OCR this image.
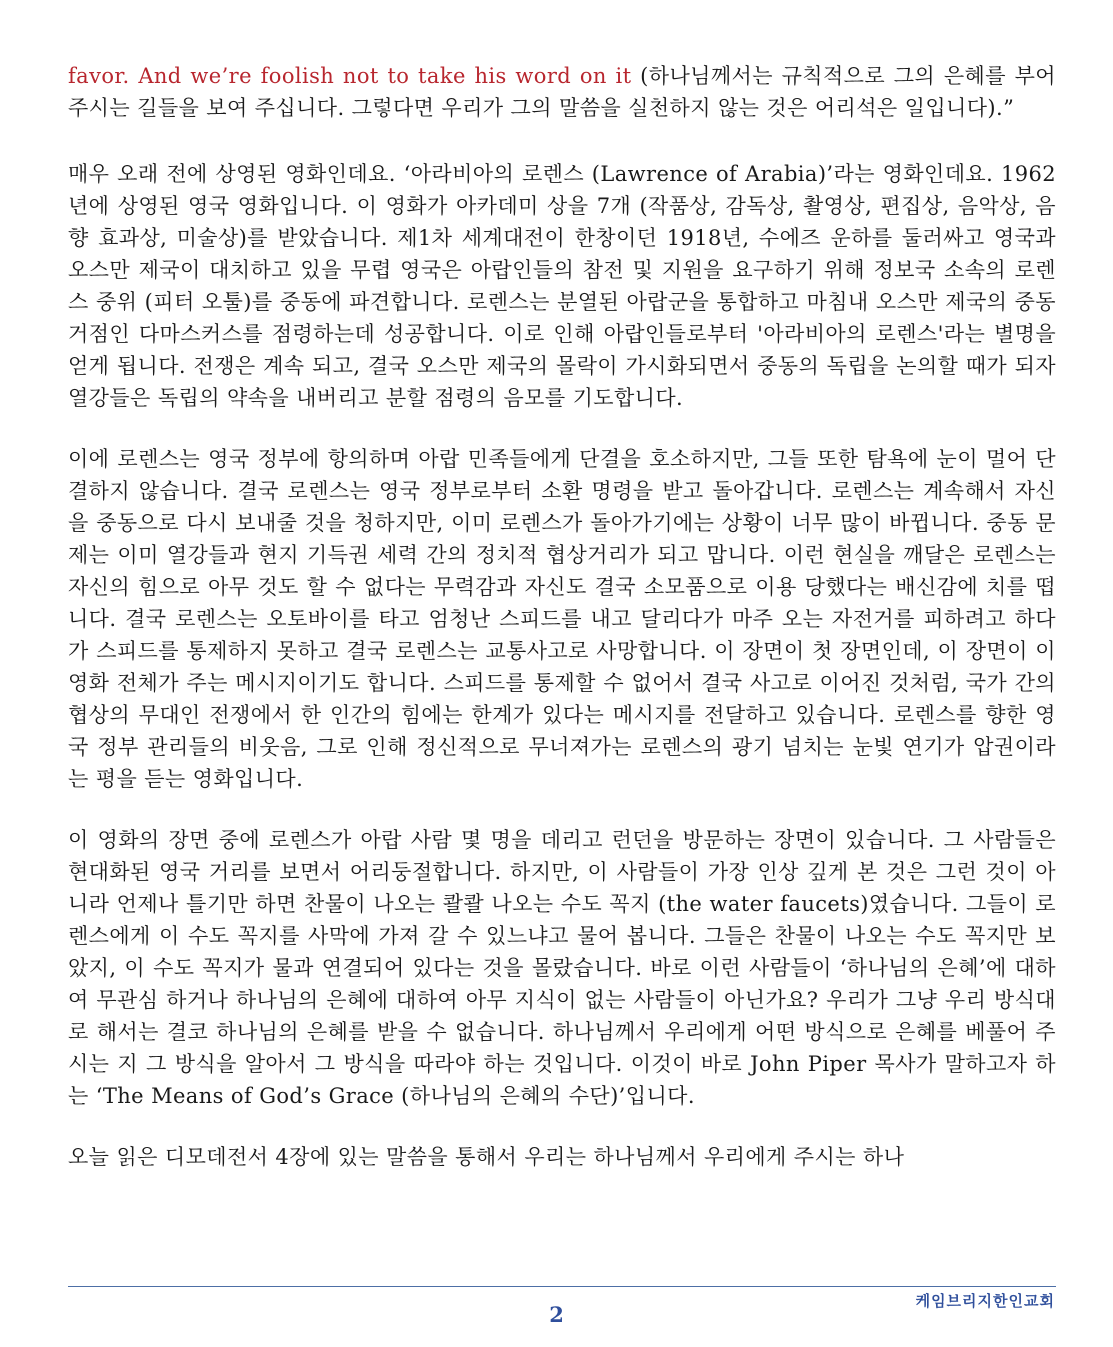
favor. And we’re foolish not to take his word on it (하나님께서는 규칙적으로 그의 은혜를 부어 주시는 길들을 보여 주십니다. 그렇다면 우리가 그의 말씀을 실천하지 않는 것은 어리석은 일입니다).”

매우 오래 전에 상영된 영화인데요. ‘아라비아의 로렌스 (Lawrence of Arabia)’라는 영화인데요. 1962년에 상영된 영국 영화입니다. 이 영화가 아카데미 상을 7개 (작품상, 감독상, 촬영상, 편집상, 음악상, 음향 효과상, 미술상)를 받았습니다. 제1차 세계대전이 한창이던 1918년, 수에즈 운하를 둘러싸고 영국과 오스만 제국이 대치하고 있을 무렵 영국은 아랍인들의 참전 및 지원을 요구하기 위해 정보국 소속의 로렌스 중위 (피터 오툴)를 중동에 파견합니다. 로렌스는 분열된 아랍군을 통합하고 마침내 오스만 제국의 중동 거점인 다마스커스를 점령하는데 성공합니다. 이로 인해 아랍인들로부터 '아라비아의 로렌스'라는 별명을 얻게 됩니다. 전쟁은 계속 되고, 결국 오스만 제국의 몰락이 가시화되면서 중동의 독립을 논의할 때가 되자 열강들은 독립의 약속을 내버리고 분할 점령의 음모를 기도합니다.

이에 로렌스는 영국 정부에 항의하며 아랍 민족들에게 단결을 호소하지만, 그들 또한 탐욕에 눈이 멀어 단결하지 않습니다. 결국 로렌스는 영국 정부로부터 소환 명령을 받고 돌아갑니다. 로렌스는 계속해서 자신을 중동으로 다시 보내줄 것을 청하지만, 이미 로렌스가 돌아가기에는 상황이 너무 많이 바뀝니다. 중동 문제는 이미 열강들과 현지 기득권 세력 간의 정치적 협상거리가 되고 맙니다. 이런 현실을 깨달은 로렌스는 자신의 힘으로 아무 것도 할 수 없다는 무력감과 자신도 결국 소모품으로 이용 당했다는 배신감에 치를 떱니다. 결국 로렌스는 오토바이를 타고 엄청난 스피드를 내고 달리다가 마주 오는 자전거를 피하려고 하다가 스피드를 통제하지 못하고 결국 로렌스는 교통사고로 사망합니다. 이 장면이 첫 장면인데, 이 장면이 이 영화 전체가 주는 메시지이기도 합니다. 스피드를 통제할 수 없어서 결국 사고로 이어진 것처럼, 국가 간의 협상의 무대인 전쟁에서 한 인간의 힘에는 한계가 있다는 메시지를 전달하고 있습니다. 로렌스를 향한 영국 정부 관리들의 비웃음, 그로 인해 정신적으로 무너져가는 로렌스의 광기 넘치는 눈빛 연기가 압권이라는 평을 듣는 영화입니다.

이 영화의 장면 중에 로렌스가 아랍 사람 몇 명을 데리고 런던을 방문하는 장면이 있습니다. 그 사람들은 현대화된 영국 거리를 보면서 어리둥절합니다. 하지만, 이 사람들이 가장 인상 깊게 본 것은 그런 것이 아니라 언제나 틀기만 하면 찬물이 나오는 콸콸 나오는 수도 꼭지 (the water faucets)였습니다. 그들이 로렌스에게 이 수도 꼭지를 사막에 가져 갈 수 있느냐고 물어 봅니다. 그들은 찬물이 나오는 수도 꼭지만 보았지, 이 수도 꼭지가 물과 연결되어 있다는 것을 몰랐습니다. 바로 이런 사람들이 ‘하나님의 은혜’에 대하여 무관심 하거나 하나님의 은혜에 대하여 아무 지식이 없는 사람들이 아닌가요? 우리가 그냥 우리 방식대로 해서는 결코 하나님의 은혜를 받을 수 없습니다. 하나님께서 우리에게 어떤 방식으로 은혜를 베풀어 주시는 지 그 방식을 알아서 그 방식을 따라야 하는 것입니다. 이것이 바로 John Piper 목사가 말하고자 하는 ‘The Means of God’s Grace (하나님의 은혜의 수단)’입니다.

오늘 읽은 디모데전서 4장에 있는 말씀을 통해서 우리는 하나님께서 우리에게 주시는 하나

케임브리지한인교회
2
